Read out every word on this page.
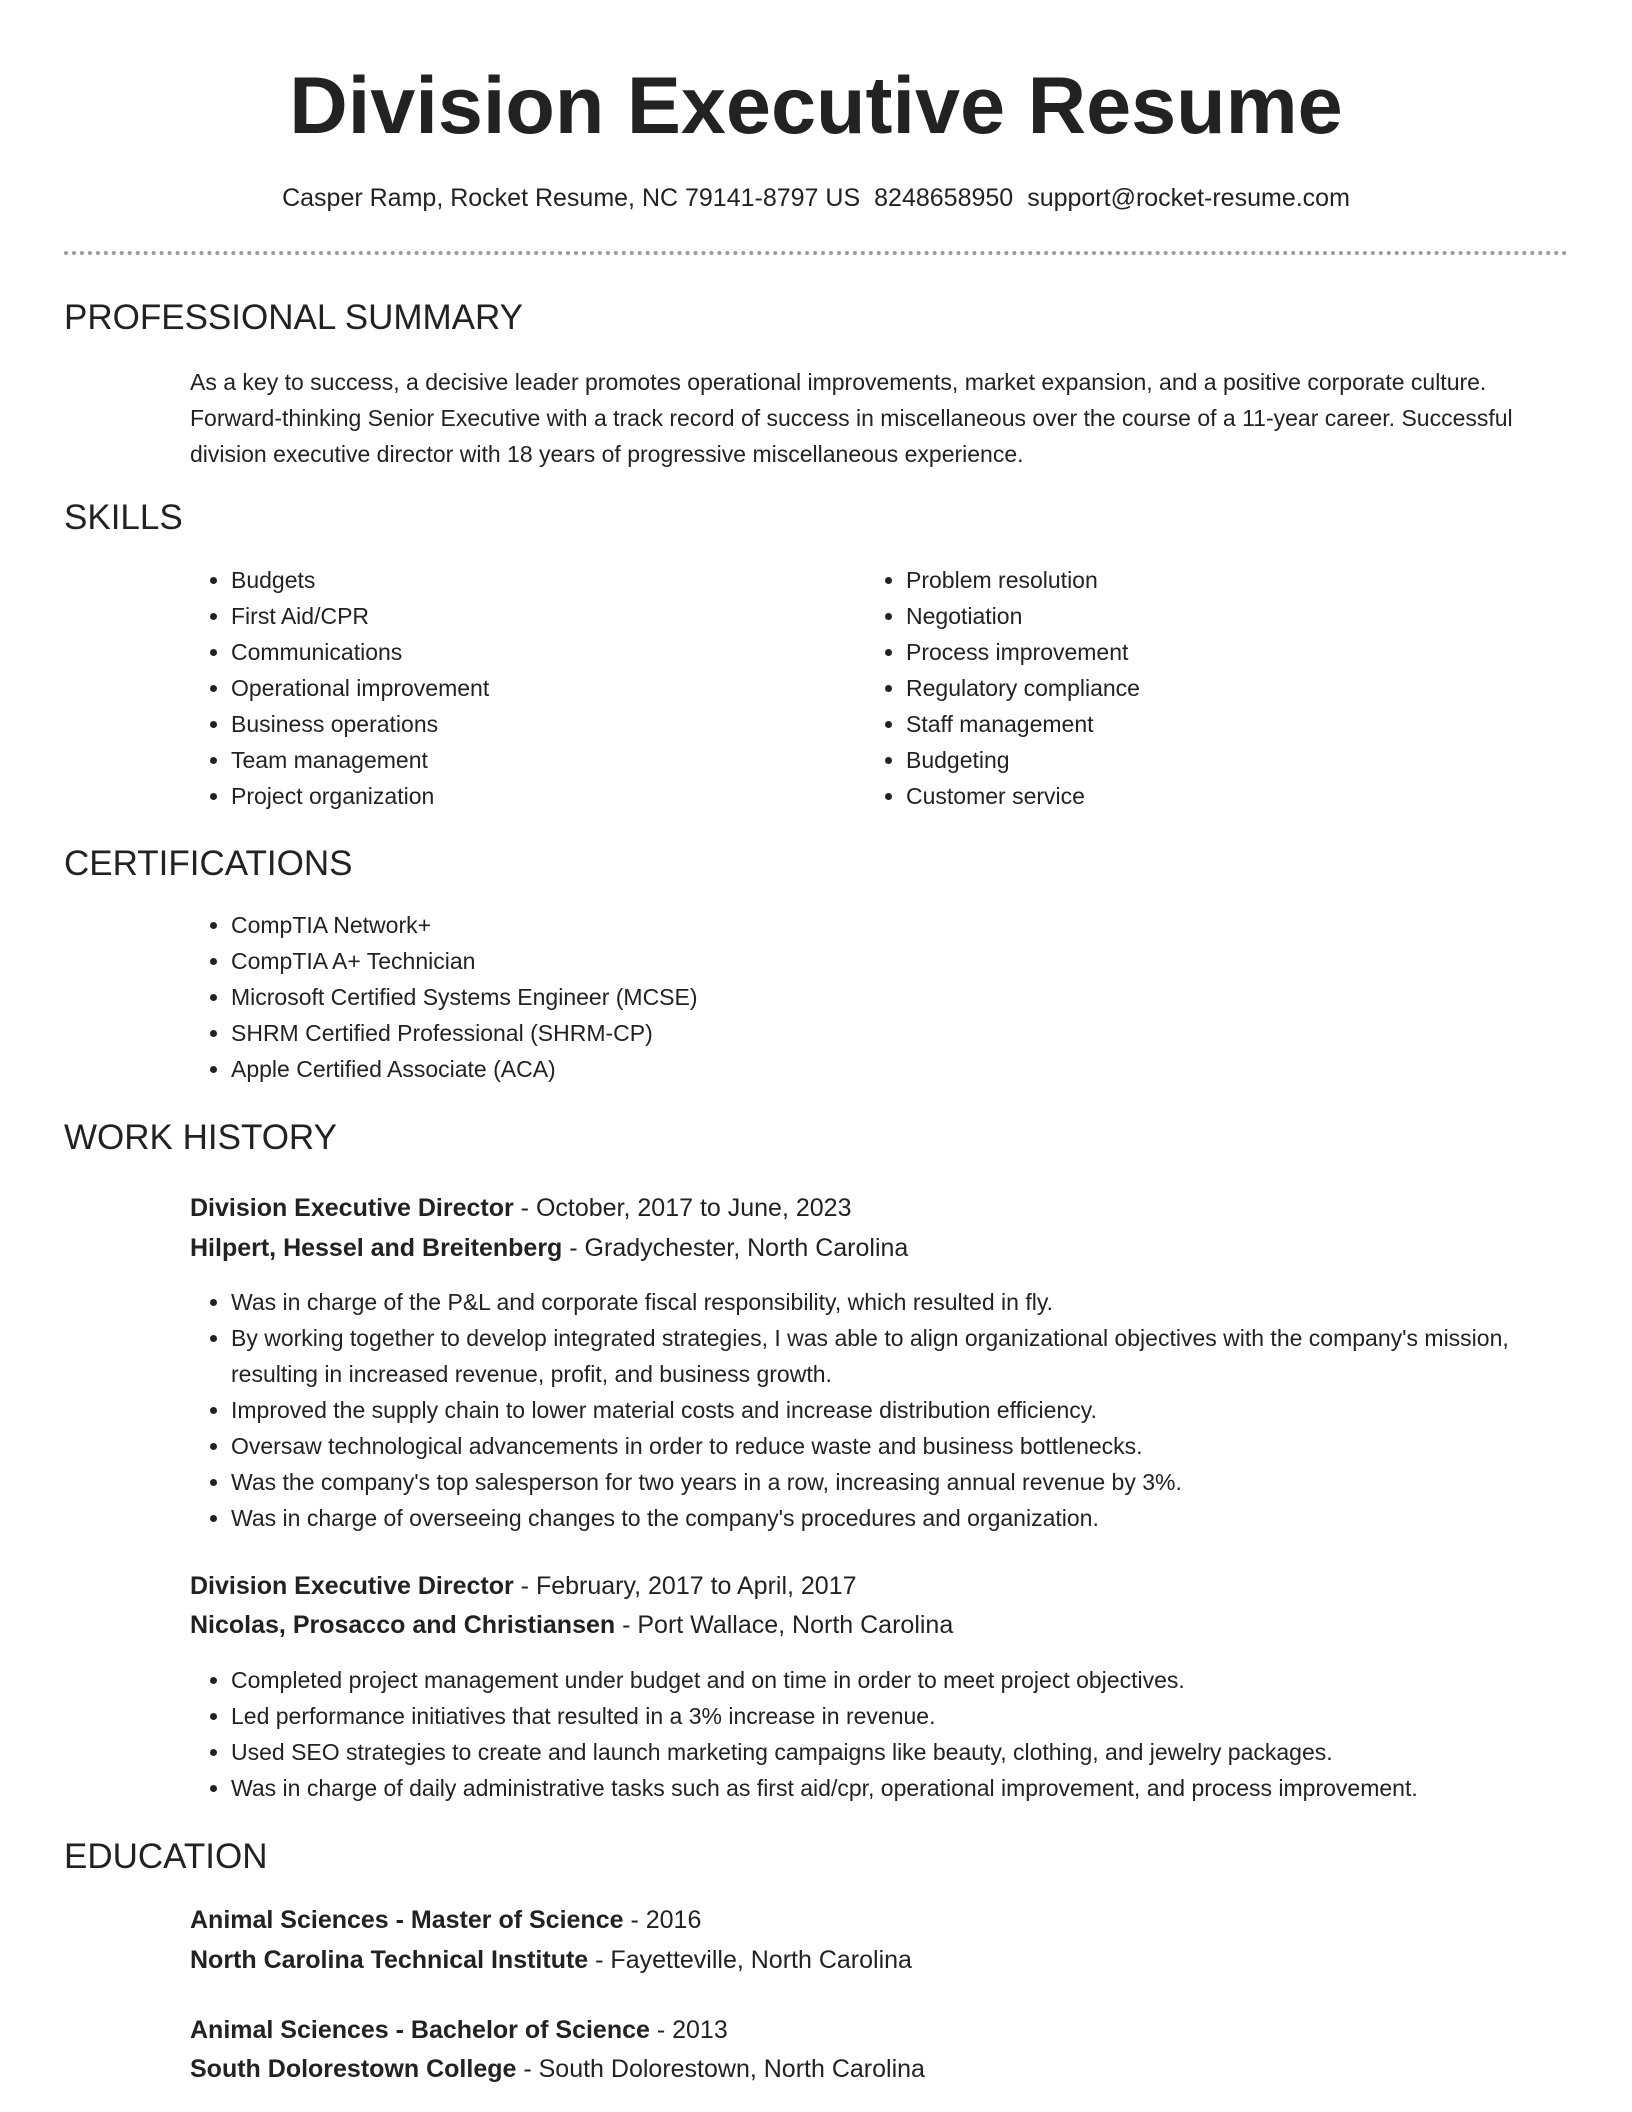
Division Executive Resume
Casper Ramp, Rocket Resume, NC 79141-8797 US 8248658950 support@rocket-resume.com
PROFESSIONAL SUMMARY

As a key to success, a decisive leader promotes operational improvements, market expansion, and a positive corporate culture. Forward-thinking Senior Executive with a track record of success in miscellaneous over the course of a 11-year career. Successful division executive director with 18 years of progressive miscellaneous experience.

SKILLS
• Budgets
• First Aid/CPR
• Communications
• Operational improvement
• Business operations
• Team management
• Project organization
• Problem resolution
• Negotiation
• Process improvement
• Regulatory compliance
• Staff management
• Budgeting
• Customer service
CERTIFICATIONS
• CompTIA Network+
• CompTIA A+ Technician
• Microsoft Certified Systems Engineer (MCSE)
• SHRM Certified Professional (SHRM-CP)
• Apple Certified Associate (ACA)
WORK HISTORY
Division Executive Director - October, 2017 to June, 2023
Hilpert, Hessel and Breitenberg - Gradychester, North Carolina
• Was in charge of the P&L and corporate fiscal responsibility, which resulted in fly.
• By working together to develop integrated strategies, I was able to align organizational objectives with the company's mission, resulting in increased revenue, profit, and business growth.
• Improved the supply chain to lower material costs and increase distribution efficiency.
• Oversaw technological advancements in order to reduce waste and business bottlenecks.
• Was the company's top salesperson for two years in a row, increasing annual revenue by 3%.
• Was in charge of overseeing changes to the company's procedures and organization.
Division Executive Director - February, 2017 to April, 2017
Nicolas, Prosacco and Christiansen - Port Wallace, North Carolina
• Completed project management under budget and on time in order to meet project objectives.
• Led performance initiatives that resulted in a 3% increase in revenue.
• Used SEO strategies to create and launch marketing campaigns like beauty, clothing, and jewelry packages.
• Was in charge of daily administrative tasks such as first aid/cpr, operational improvement, and process improvement.
EDUCATION
Animal Sciences - Master of Science - 2016
North Carolina Technical Institute - Fayetteville, North Carolina
Animal Sciences - Bachelor of Science - 2013
South Dolorestown College - South Dolorestown, North Carolina
